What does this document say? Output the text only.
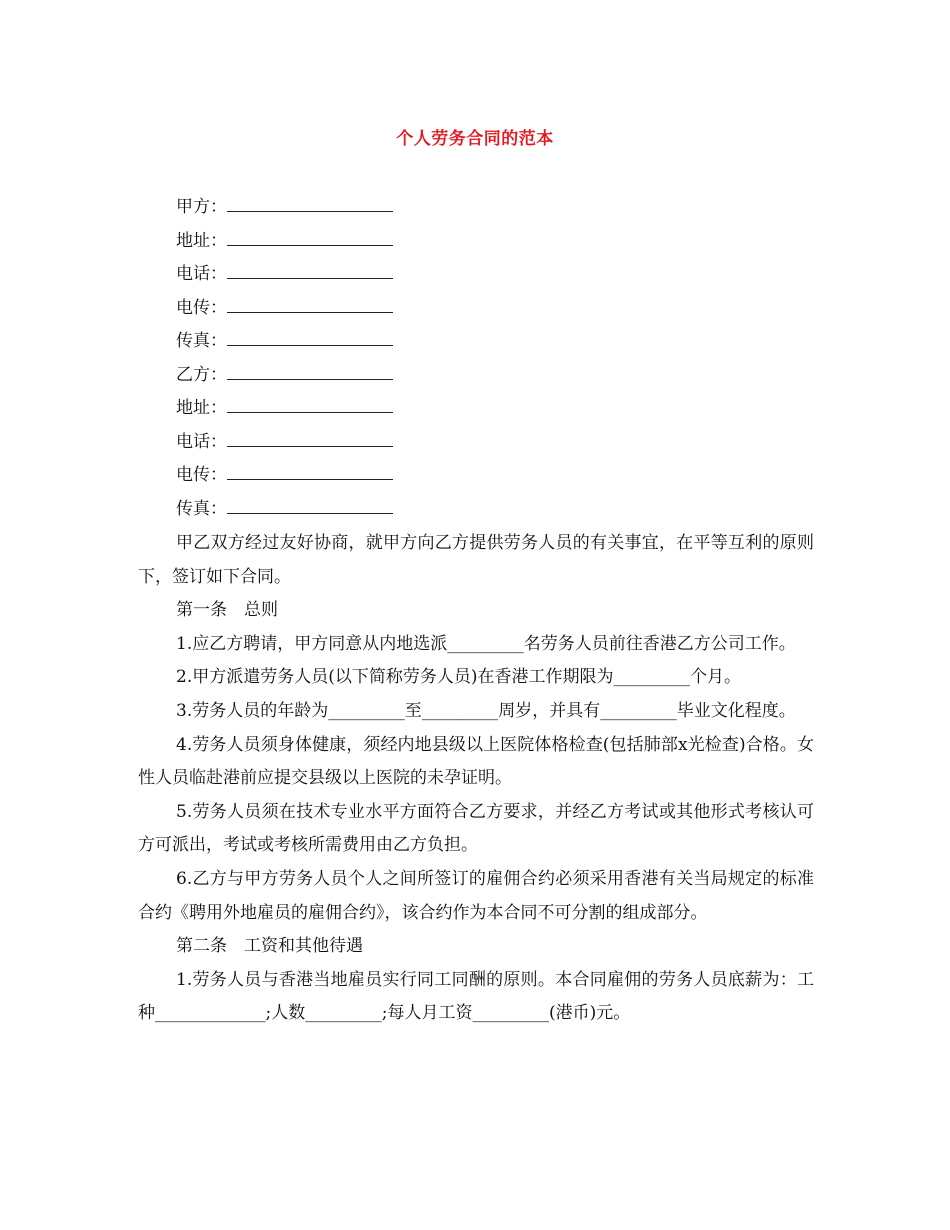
个人劳务合同的范本
甲方：
地址：
电话：
电传：
传真：
乙方：
地址：
电话：
电传：
传真：

甲乙双方经过友好协商，就甲方向乙方提供劳务人员的有关事宜，在平等互利的原则下，签订如下合同。

第一条　总则

1.应乙方聘请，甲方同意从内地选派_________名劳务人员前往香港乙方公司工作。

2.甲方派遣劳务人员(以下简称劳务人员)在香港工作期限为_________个月。

3.劳务人员的年龄为_________至_________周岁，并具有_________毕业文化程度。

4.劳务人员须身体健康，须经内地县级以上医院体格检查(包括肺部x光检查)合格。女性人员临赴港前应提交县级以上医院的未孕证明。

5.劳务人员须在技术专业水平方面符合乙方要求，并经乙方考试或其他形式考核认可方可派出，考试或考核所需费用由乙方负担。

6.乙方与甲方劳务人员个人之间所签订的雇佣合约必须采用香港有关当局规定的标准合约《聘用外地雇员的雇佣合约》，该合约作为本合同不可分割的组成部分。

第二条　工资和其他待遇

1.劳务人员与香港当地雇员实行同工同酬的原则。本合同雇佣的劳务人员底薪为：工种_____________;人数_________;每人月工资_________(港币)元。
